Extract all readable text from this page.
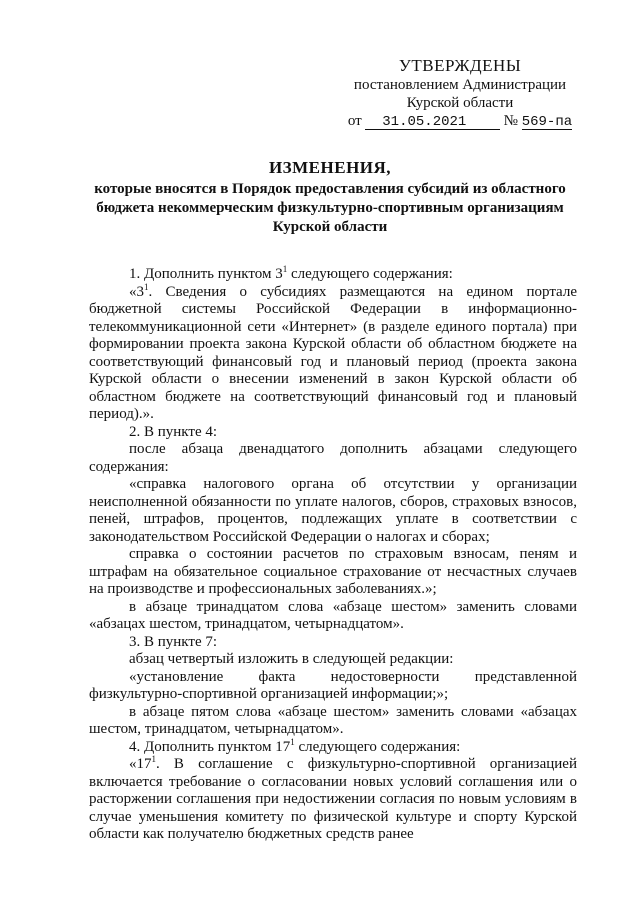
УТВЕРЖДЕНЫ
постановлением Администрации
Курской области
от 31.05.2021 № 569-па
ИЗМЕНЕНИЯ,
которые вносятся в Порядок предоставления субсидий из областного бюджета некоммерческим физкультурно-спортивным организациям Курской области

1. Дополнить пунктом $3^1$ следующего содержания:

«$3^1$. Сведения о субсидиях размещаются на едином портале бюджетной системы Российской Федерации в информационно-телекоммуникационной сети «Интернет» (в разделе единого портала) при формировании проекта закона Курской области об областном бюджете на соответствующий финансовый год и плановый период (проекта закона Курской области о внесении изменений в закон Курской области об областном бюджете на соответствующий финансовый год и плановый период).».

2. В пункте 4:

после абзаца двенадцатого дополнить абзацами следующего содержания:

«справка налогового органа об отсутствии у организации неисполненной обязанности по уплате налогов, сборов, страховых взносов, пеней, штрафов, процентов, подлежащих уплате в соответствии с законодательством Российской Федерации о налогах и сборах;

справка о состоянии расчетов по страховым взносам, пеням и штрафам на обязательное социальное страхование от несчастных случаев на производстве и профессиональных заболеваниях.»;

в абзаце тринадцатом слова «абзаце шестом» заменить словами «абзацах шестом, тринадцатом, четырнадцатом».

3. В пункте 7:

абзац четвертый изложить в следующей редакции:

«установление факта недостоверности представленной физкультурно-спортивной организацией информации;»;

в абзаце пятом слова «абзаце шестом» заменить словами «абзацах шестом, тринадцатом, четырнадцатом».

4. Дополнить пунктом $17^1$ следующего содержания:

«$17^1$. В соглашение с физкультурно-спортивной организацией включается требование о согласовании новых условий соглашения или о расторжении соглашения при недостижении согласия по новым условиям в случае уменьшения комитету по физической культуре и спорту Курской области как получателю бюджетных средств ранее
